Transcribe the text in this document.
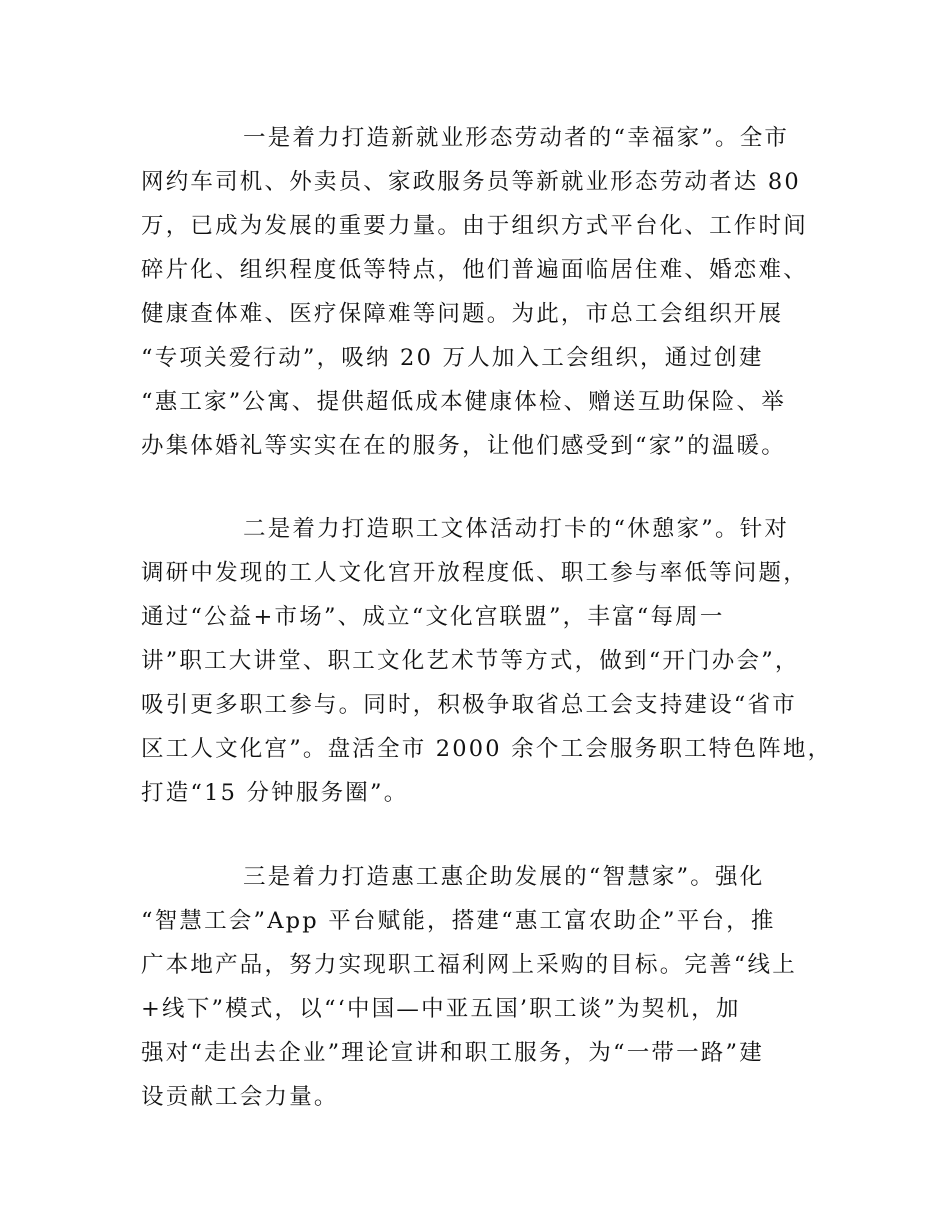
一是着力打造新就业形态劳动者的“幸福家”。全市
网约车司机、外卖员、家政服务员等新就业形态劳动者达 80
万，已成为发展的重要力量。由于组织方式平台化、工作时间
碎片化、组织程度低等特点，他们普遍面临居住难、婚恋难、
健康查体难、医疗保障难等问题。为此，市总工会组织开展
“专项关爱行动”，吸纳 20 万人加入工会组织，通过创建
“惠工家”公寓、提供超低成本健康体检、赠送互助保险、举
办集体婚礼等实实在在的服务，让他们感受到“家”的温暖。
二是着力打造职工文体活动打卡的“休憩家”。针对
调研中发现的工人文化宫开放程度低、职工参与率低等问题，
通过“公益+市场”、成立“文化宫联盟”，丰富“每周一
讲”职工大讲堂、职工文化艺术节等方式，做到“开门办会”，
吸引更多职工参与。同时，积极争取省总工会支持建设“省市
区工人文化宫”。盘活全市 2000 余个工会服务职工特色阵地，
打造“15 分钟服务圈”。
三是着力打造惠工惠企助发展的“智慧家”。强化
“智慧工会”App 平台赋能，搭建“惠工富农助企”平台，推
广本地产品，努力实现职工福利网上采购的目标。完善“线上
+线下”模式，以“‘中国—中亚五国’职工谈”为契机，加
强对“走出去企业”理论宣讲和职工服务，为“一带一路”建
设贡献工会力量。
